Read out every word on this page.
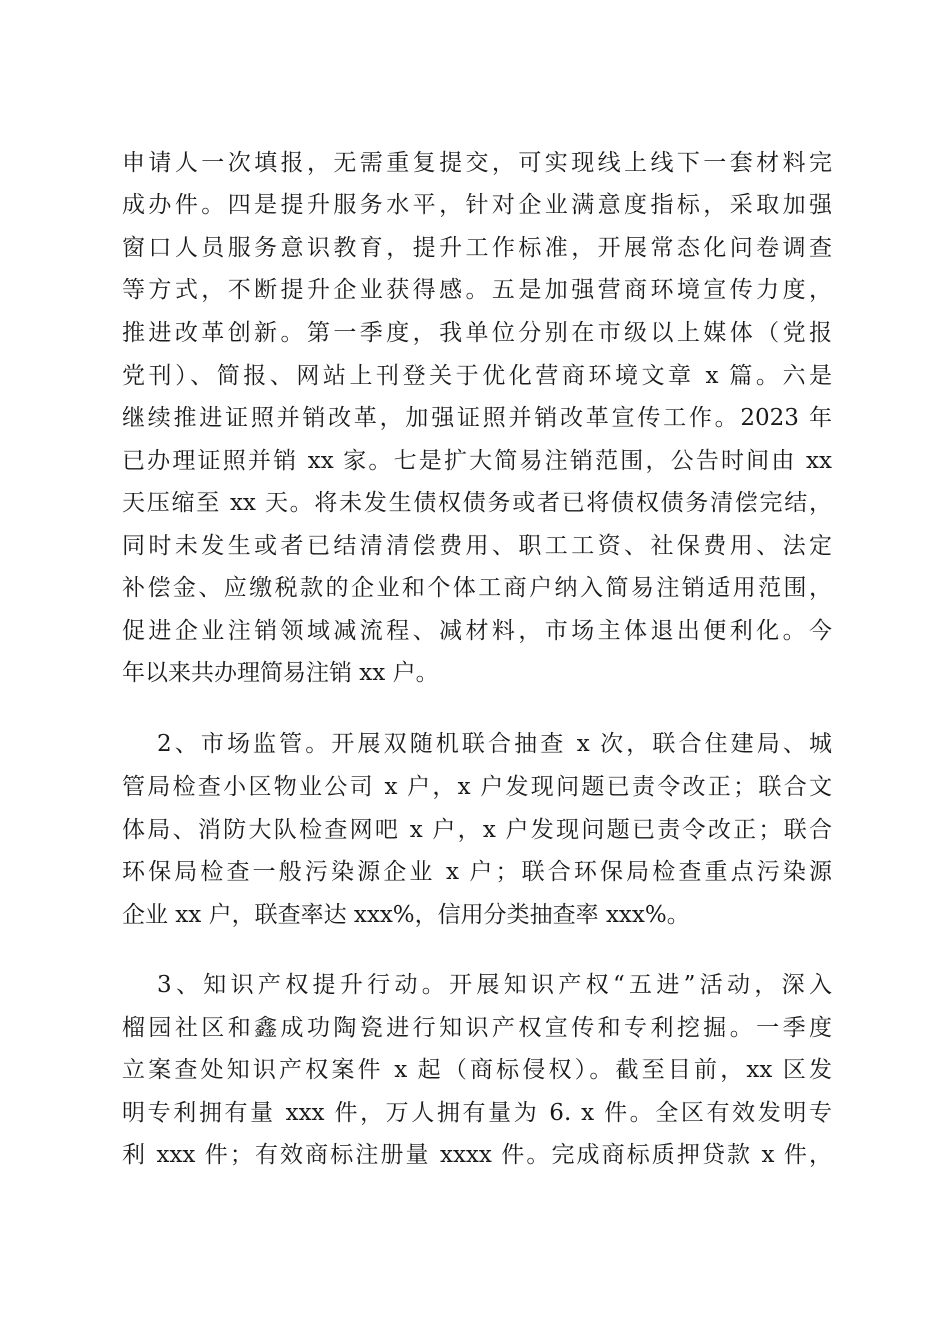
申请人一次填报，无需重复提交，可实现线上线下一套材料完

成办件。四是提升服务水平，针对企业满意度指标，采取加强

窗口人员服务意识教育，提升工作标准，开展常态化问卷调查

等方式，不断提升企业获得感。五是加强营商环境宣传力度，

推进改革创新。第一季度，我单位分别在市级以上媒体（党报

党刊）、简报、网站上刊登关于优化营商环境文章 x 篇。六是

继续推进证照并销改革，加强证照并销改革宣传工作。2023 年

已办理证照并销 xx 家。七是扩大简易注销范围，公告时间由 xx

天压缩至 xx 天。将未发生债权债务或者已将债权债务清偿完结，

同时未发生或者已结清清偿费用、职工工资、社保费用、法定

补偿金、应缴税款的企业和个体工商户纳入简易注销适用范围，

促进企业注销领域减流程、减材料，市场主体退出便利化。今

年以来共办理简易注销 xx 户。

2、市场监管。开展双随机联合抽查 x 次，联合住建局、城

管局检查小区物业公司 x 户，x 户发现问题已责令改正；联合文

体局、消防大队检查网吧 x 户，x 户发现问题已责令改正；联合

环保局检查一般污染源企业 x 户；联合环保局检查重点污染源

企业 xx 户，联查率达 xxx%，信用分类抽查率 xxx%。

3、知识产权提升行动。开展知识产权“五进”活动，深入

榴园社区和鑫成功陶瓷进行知识产权宣传和专利挖掘。一季度

立案查处知识产权案件 x 起（商标侵权）。截至目前，xx 区发

明专利拥有量 xxx 件，万人拥有量为 6. x 件。全区有效发明专

利 xxx 件；有效商标注册量 xxxx 件。完成商标质押贷款 x 件，
